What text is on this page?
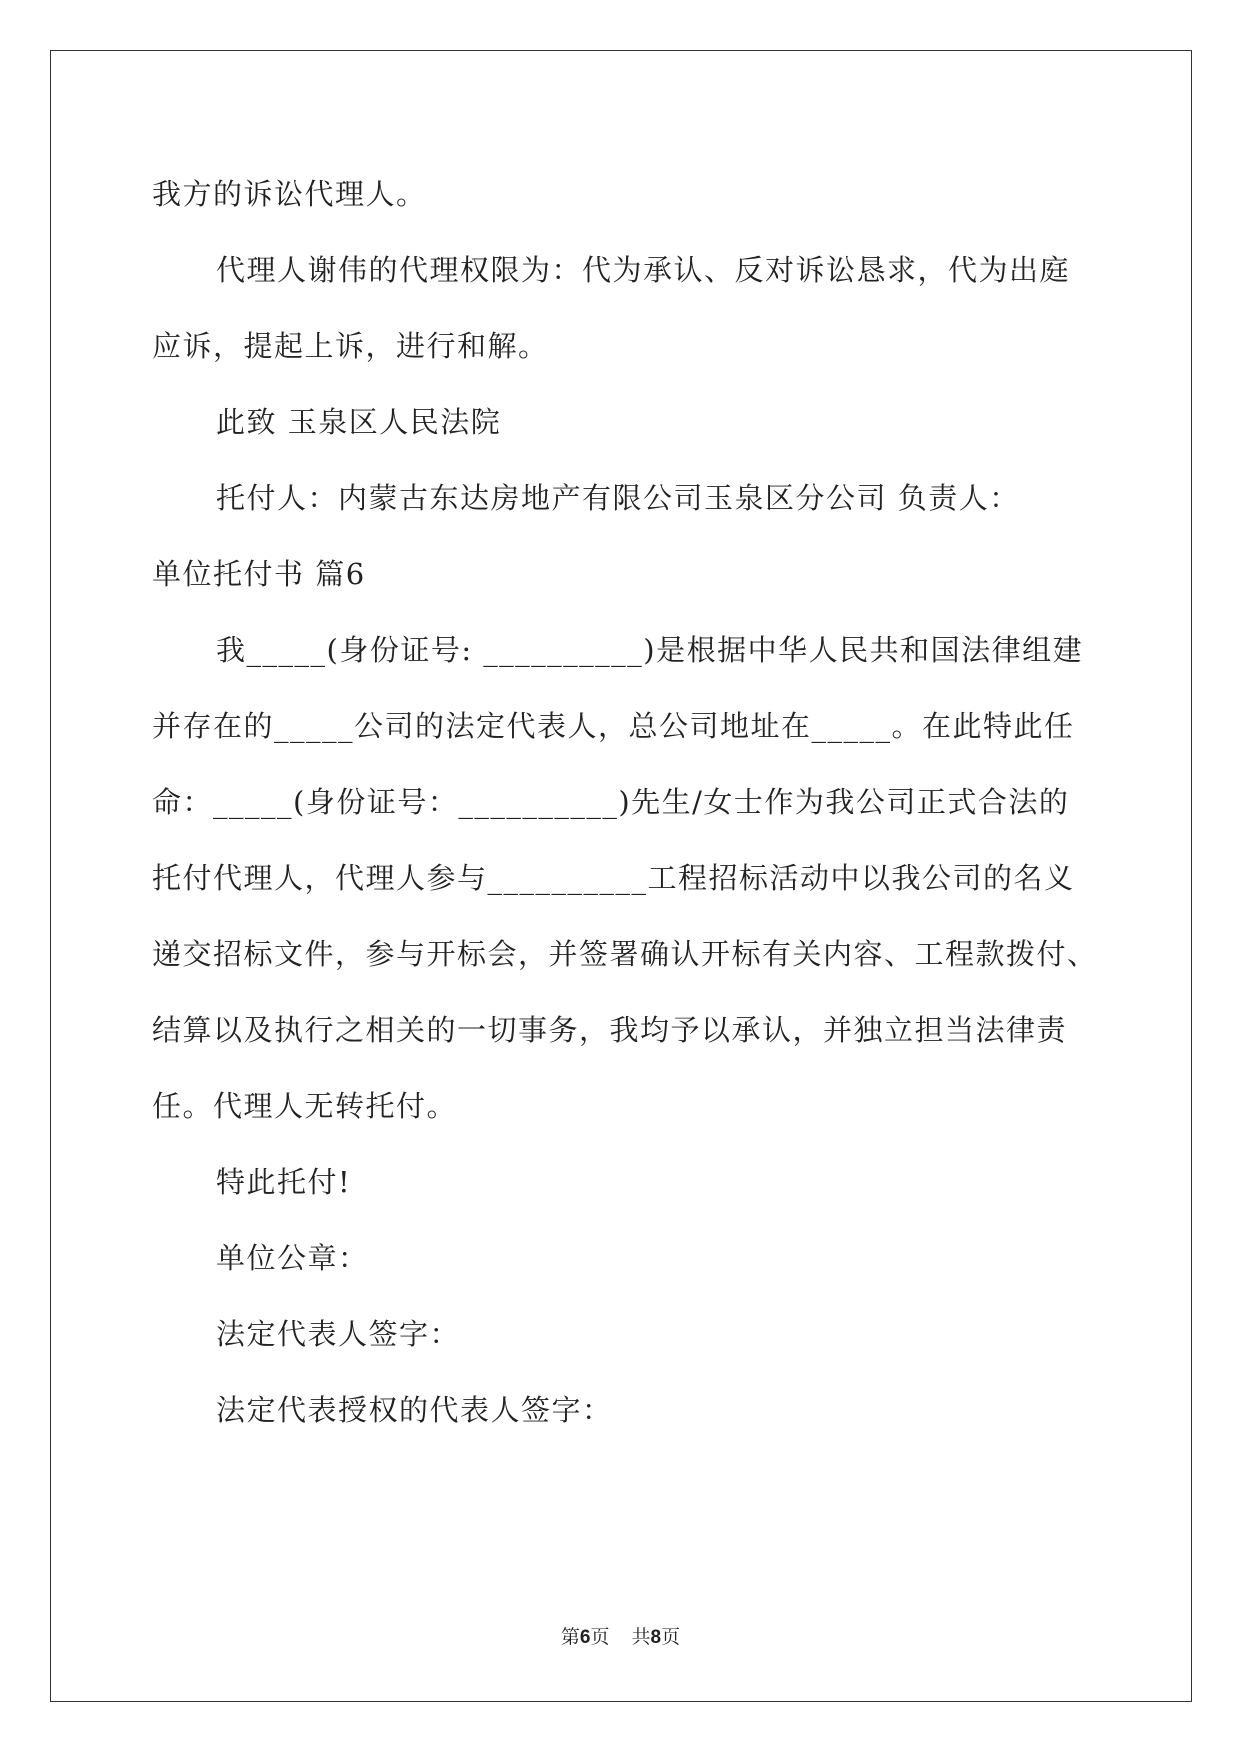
我方的诉讼代理人。
代理人谢伟的代理权限为：代为承认、反对诉讼恳求，代为出庭
应诉，提起上诉，进行和解。
此致 玉泉区人民法院
托付人：内蒙古东达房地产有限公司玉泉区分公司 负责人：
单位托付书 篇6
我_____(身份证号: __________)是根据中华人民共和国法律组建
并存在的_____公司的法定代表人，总公司地址在_____。在此特此任
命：_____(身份证号：__________)先生/女士作为我公司正式合法的
托付代理人，代理人参与__________工程招标活动中以我公司的名义
递交招标文件，参与开标会，并签署确认开标有关内容、工程款拨付、
结算以及执行之相关的一切事务，我均予以承认，并独立担当法律责
任。代理人无转托付。
特此托付!
单位公章：
法定代表人签字：
法定代表授权的代表人签字：
第6页 共8页
